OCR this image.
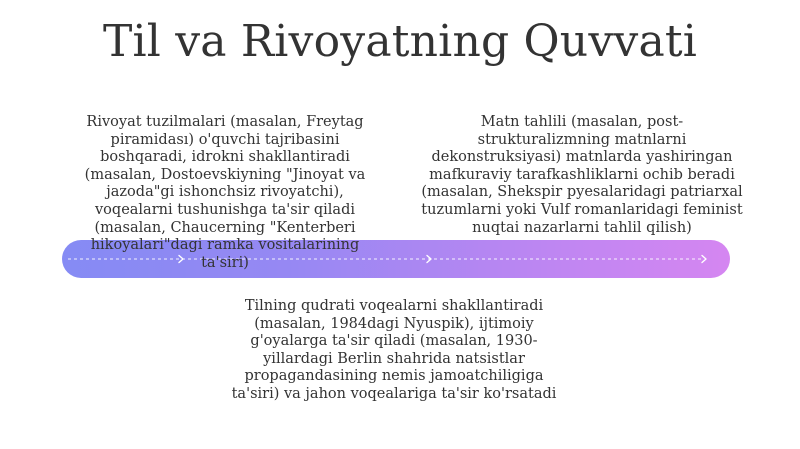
Til va Rivoyatning Quvvati
Rivoyat tuzilmalari (masalan, Freytag piramidası) o'quvchi tajribasini boshqaradi, idrokni shakllantiradi (masalan, Dostoevskiyning "Jinoyat va jazoda"gi ishonchsiz rivoyatchi), voqealarni tushunishga ta'sir qiladi (masalan, Chaucerning "Kenterberi hikoyalari"dagi ramka vositalarining ta'siri)
Matn tahlili (masalan, post-strukturalizmning matnlarni dekonstruksiyasi) matnlarda yashiringan mafkuraviy tarafkashliklarni ochib beradi (masalan, Shekspir pyesalaridagi patriarxal tuzumlarni yoki Vulf romanlaridagi feminist nuqtai nazarlarni tahlil qilish)
Tilning qudrati voqealarni shakllantiradi (masalan, 1984dagi Nyuspik), ijtimoiy g'oyalarga ta'sir qiladi (masalan, 1930-yillardagi Berlin shahrida natsistlar propagandasining nemis jamoatchiligiga ta'siri) va jahon voqealariga ta'sir ko'rsatadi
